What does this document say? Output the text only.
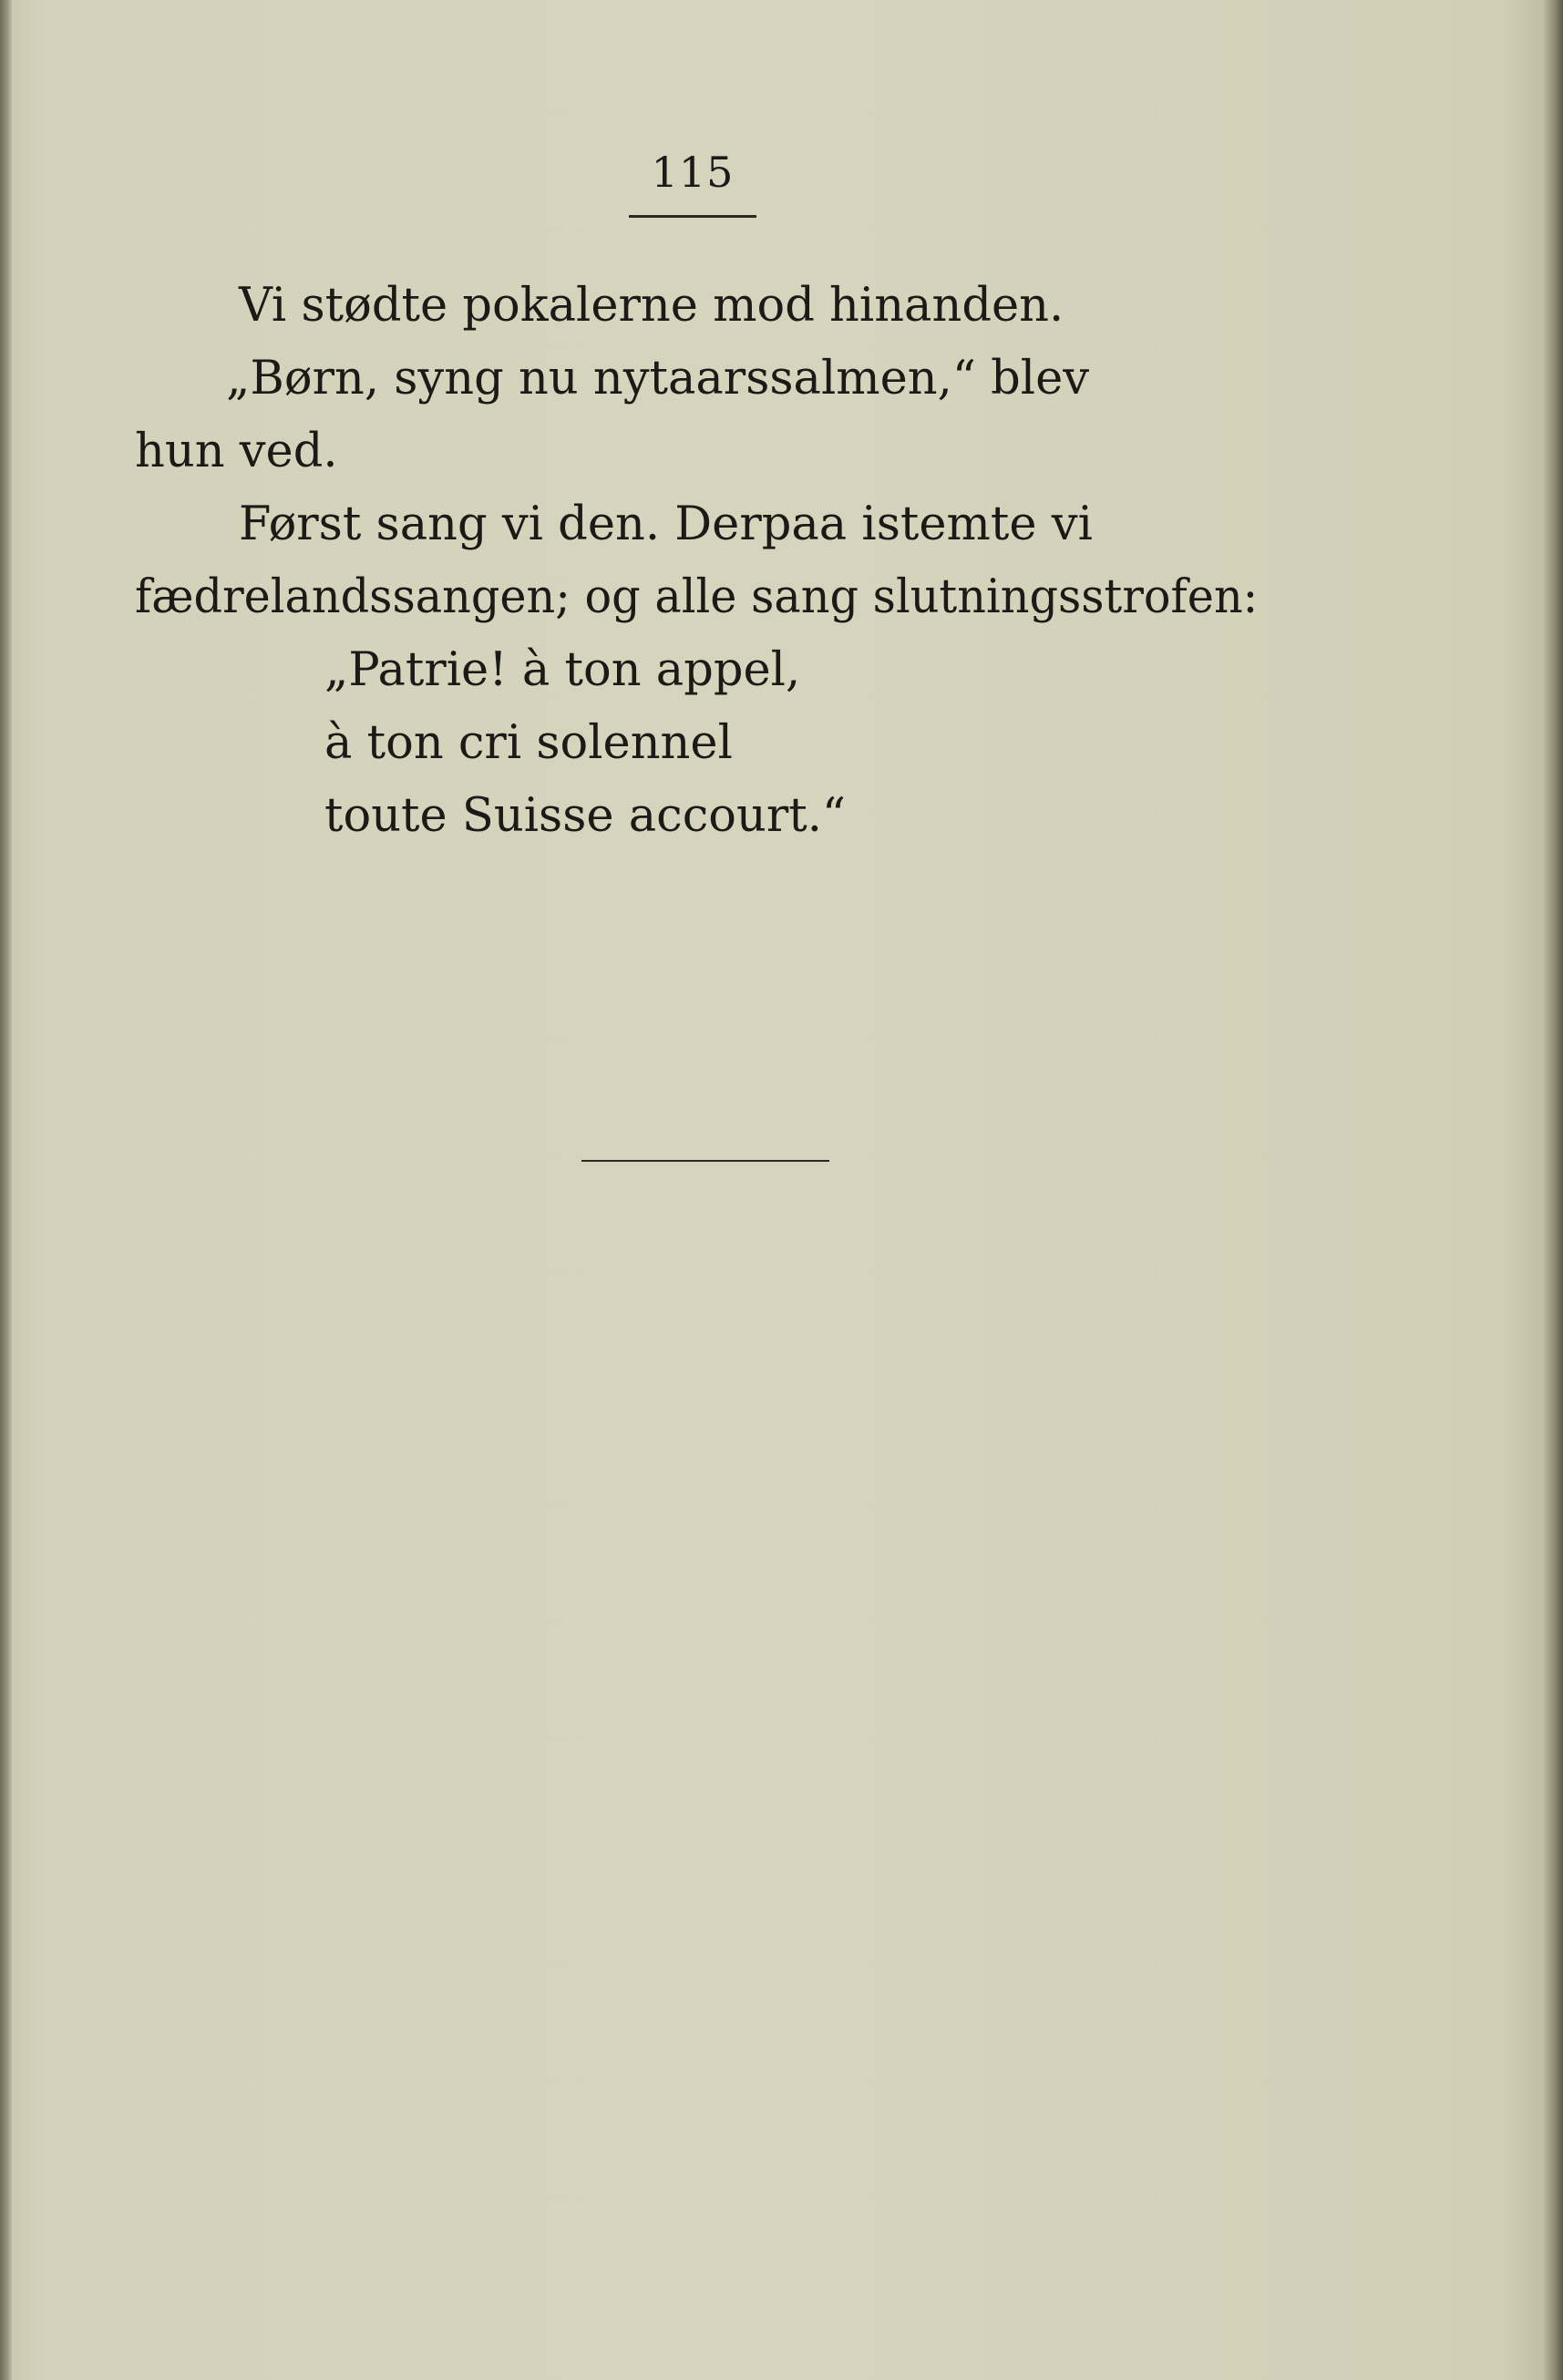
115
Vi stødte pokalerne mod hinanden.
„Børn, syng nu nytaarssalmen,“ blev
hun ved.
Først sang vi den. Derpaa istemte vi
fædrelandssangen; og alle sang slutningsstrofen:
„Patrie! à ton appel,
à ton cri solennel
toute Suisse accourt.“
